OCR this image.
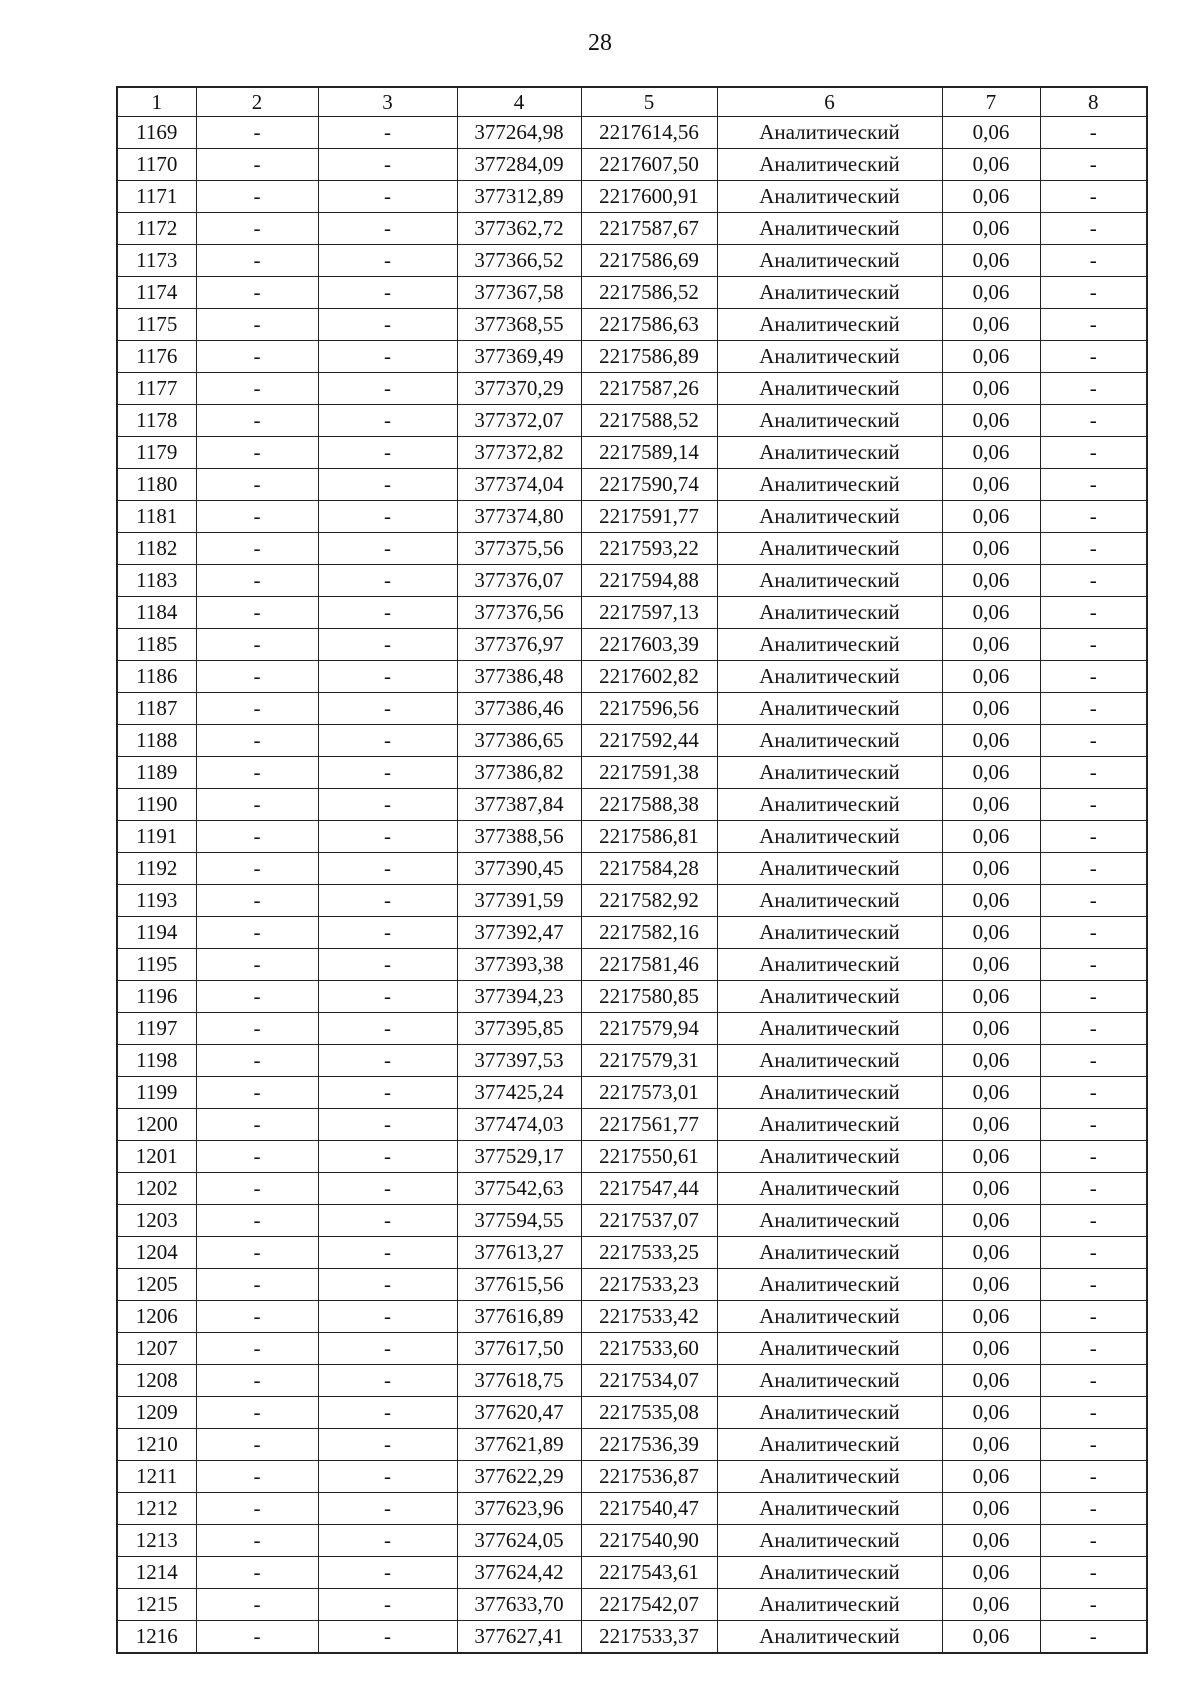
28
1	2	3	4	5	6	7	8
1169	-	-	377264,98	2217614,56	Аналитический	0,06	-
1170	-	-	377284,09	2217607,50	Аналитический	0,06	-
1171	-	-	377312,89	2217600,91	Аналитический	0,06	-
1172	-	-	377362,72	2217587,67	Аналитический	0,06	-
1173	-	-	377366,52	2217586,69	Аналитический	0,06	-
1174	-	-	377367,58	2217586,52	Аналитический	0,06	-
1175	-	-	377368,55	2217586,63	Аналитический	0,06	-
1176	-	-	377369,49	2217586,89	Аналитический	0,06	-
1177	-	-	377370,29	2217587,26	Аналитический	0,06	-
1178	-	-	377372,07	2217588,52	Аналитический	0,06	-
1179	-	-	377372,82	2217589,14	Аналитический	0,06	-
1180	-	-	377374,04	2217590,74	Аналитический	0,06	-
1181	-	-	377374,80	2217591,77	Аналитический	0,06	-
1182	-	-	377375,56	2217593,22	Аналитический	0,06	-
1183	-	-	377376,07	2217594,88	Аналитический	0,06	-
1184	-	-	377376,56	2217597,13	Аналитический	0,06	-
1185	-	-	377376,97	2217603,39	Аналитический	0,06	-
1186	-	-	377386,48	2217602,82	Аналитический	0,06	-
1187	-	-	377386,46	2217596,56	Аналитический	0,06	-
1188	-	-	377386,65	2217592,44	Аналитический	0,06	-
1189	-	-	377386,82	2217591,38	Аналитический	0,06	-
1190	-	-	377387,84	2217588,38	Аналитический	0,06	-
1191	-	-	377388,56	2217586,81	Аналитический	0,06	-
1192	-	-	377390,45	2217584,28	Аналитический	0,06	-
1193	-	-	377391,59	2217582,92	Аналитический	0,06	-
1194	-	-	377392,47	2217582,16	Аналитический	0,06	-
1195	-	-	377393,38	2217581,46	Аналитический	0,06	-
1196	-	-	377394,23	2217580,85	Аналитический	0,06	-
1197	-	-	377395,85	2217579,94	Аналитический	0,06	-
1198	-	-	377397,53	2217579,31	Аналитический	0,06	-
1199	-	-	377425,24	2217573,01	Аналитический	0,06	-
1200	-	-	377474,03	2217561,77	Аналитический	0,06	-
1201	-	-	377529,17	2217550,61	Аналитический	0,06	-
1202	-	-	377542,63	2217547,44	Аналитический	0,06	-
1203	-	-	377594,55	2217537,07	Аналитический	0,06	-
1204	-	-	377613,27	2217533,25	Аналитический	0,06	-
1205	-	-	377615,56	2217533,23	Аналитический	0,06	-
1206	-	-	377616,89	2217533,42	Аналитический	0,06	-
1207	-	-	377617,50	2217533,60	Аналитический	0,06	-
1208	-	-	377618,75	2217534,07	Аналитический	0,06	-
1209	-	-	377620,47	2217535,08	Аналитический	0,06	-
1210	-	-	377621,89	2217536,39	Аналитический	0,06	-
1211	-	-	377622,29	2217536,87	Аналитический	0,06	-
1212	-	-	377623,96	2217540,47	Аналитический	0,06	-
1213	-	-	377624,05	2217540,90	Аналитический	0,06	-
1214	-	-	377624,42	2217543,61	Аналитический	0,06	-
1215	-	-	377633,70	2217542,07	Аналитический	0,06	-
1216	-	-	377627,41	2217533,37	Аналитический	0,06	-
